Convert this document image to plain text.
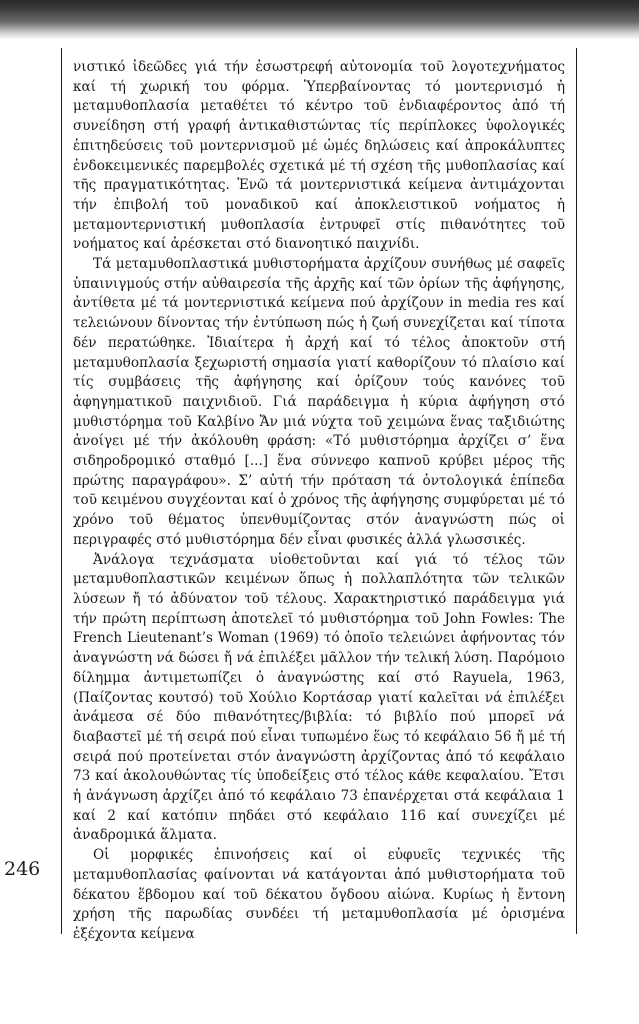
246

νιστικό ἰδεῶδες γιά τήν ἐσωστρεφή αὐτονομία τοῦ λογοτεχνήματος καί τή χωρική του φόρμα. Ὑπερβαίνοντας τό μοντερνισμό ἡ μεταμυθοπλασία μεταθέτει τό κέντρο τοῦ ἐνδιαφέροντος ἀπό τή συνείδηση στή γραφή ἀντικαθιστώντας τίς περίπλοκες ὑφολογικές ἐπιτηδεύσεις τοῦ μοντερνισμοῦ μέ ὠμές δηλώσεις καί ἀπροκάλυπτες ἐνδοκειμενικές παρεμβολές σχετικά μέ τή σχέση τῆς μυθοπλασίας καί τῆς πραγματικότητας. Ἐνῶ τά μοντερνιστικά κείμενα ἀντιμάχονται τήν ἐπιβολή τοῦ μοναδικοῦ καί ἀποκλειστικοῦ νοήματος ἡ μεταμοντερνιστική μυθοπλασία ἐντρυφεῖ στίς πιθανότητες τοῦ νοήματος καί ἀρέσκεται στό διανοητικό παιχνίδι.

Τά μεταμυθοπλαστικά μυθιστορήματα ἀρχίζουν συνήθως μέ σαφεῖς ὑπαινιγμούς στήν αὐθαιρεσία τῆς ἀρχῆς καί τῶν ὁρίων τῆς ἀφήγησης, ἀντίθετα μέ τά μοντερνιστικά κείμενα πού ἀρχίζουν in media res καί τελειώνουν δίνοντας τήν ἐντύπωση πώς ἡ ζωή συνεχίζεται καί τίποτα δέν περατώθηκε. Ἰδιαίτερα ἡ ἀρχή καί τό τέλος ἀποκτοῦν στή μεταμυθοπλασία ξεχωριστή σημασία γιατί καθορίζουν τό πλαίσιο καί τίς συμβάσεις τῆς ἀφήγησης καί ὁρίζουν τούς κανόνες τοῦ ἀφηγηματικοῦ παιχνιδιοῦ. Γιά παράδειγμα ἡ κύρια ἀφήγηση στό μυθιστόρημα τοῦ Καλβίνο Ἄν μιά νύχτα τοῦ χειμώνα ἕνας ταξιδιώτης ἀνοίγει μέ τήν ἀκόλουθη φράση: «Τό μυθιστόρημα ἀρχίζει σ’ ἕνα σιδηροδρομικό σταθμό [...] ἕνα σύννεφο καπνοῦ κρύβει μέρος τῆς πρώτης παραγράφου». Σ’ αὐτή τήν πρόταση τά ὀντολογικά ἐπίπεδα τοῦ κειμένου συγχέονται καί ὁ χρόνος τῆς ἀφήγησης συμφύρεται μέ τό χρόνο τοῦ θέματος ὑπενθυμίζοντας στόν ἀναγνώστη πώς οἱ περιγραφές στό μυθιστόρημα δέν εἶναι φυσικές ἀλλά γλωσσικές.

Ἀνάλογα τεχνάσματα υἱοθετοῦνται καί γιά τό τέλος τῶν μεταμυθοπλαστικῶν κειμένων ὅπως ἡ πολλαπλότητα τῶν τελικῶν λύσεων ἤ τό ἀδύνατον τοῦ τέλους. Χαρακτηριστικό παράδειγμα γιά τήν πρώτη περίπτωση ἀποτελεῖ τό μυθιστόρημα τοῦ John Fowles: The French Lieutenant’s Woman (1969) τό ὁποῖο τελειώνει ἀφήνοντας τόν ἀναγνώστη νά δώσει ἤ νά ἐπιλέξει μᾶλλον τήν τελική λύση. Παρόμοιο δίλημμα ἀντιμετωπίζει ὁ ἀναγνώστης καί στό Rayuela, 1963, (Παίζοντας κουτσό) τοῦ Χούλιο Κορτάσαρ γιατί καλεῖται νά ἐπιλέξει ἀνάμεσα σέ δύο πιθανότητες/βιβλία: τό βιβλίο πού μπορεῖ νά διαβαστεῖ μέ τή σειρά πού εἶναι τυπωμένο ἕως τό κεφάλαιο 56 ἤ μέ τή σειρά πού προτείνεται στόν ἀναγνώστη ἀρχίζοντας ἀπό τό κεφάλαιο 73 καί ἀκολουθώντας τίς ὑποδείξεις στό τέλος κάθε κεφαλαίου. Ἔτσι ἡ ἀνάγνωση ἀρχίζει ἀπό τό κεφάλαιο 73 ἐπανέρχεται στά κεφάλαια 1 καί 2 καί κατόπιν πηδάει στό κεφάλαιο 116 καί συνεχίζει μέ ἀναδρομικά ἅλματα.

Οἱ μορφικές ἐπινοήσεις καί οἱ εὐφυεῖς τεχνικές τῆς μεταμυθοπλασίας φαίνονται νά κατάγονται ἀπό μυθιστορήματα τοῦ δέκατου ἕβδομου καί τοῦ δέκατου ὄγδοου αἰώνα. Κυρίως ἡ ἔντονη χρήση τῆς παρωδίας συνδέει τή μεταμυθοπλασία μέ ὁρισμένα ἐξέχοντα κείμενα
